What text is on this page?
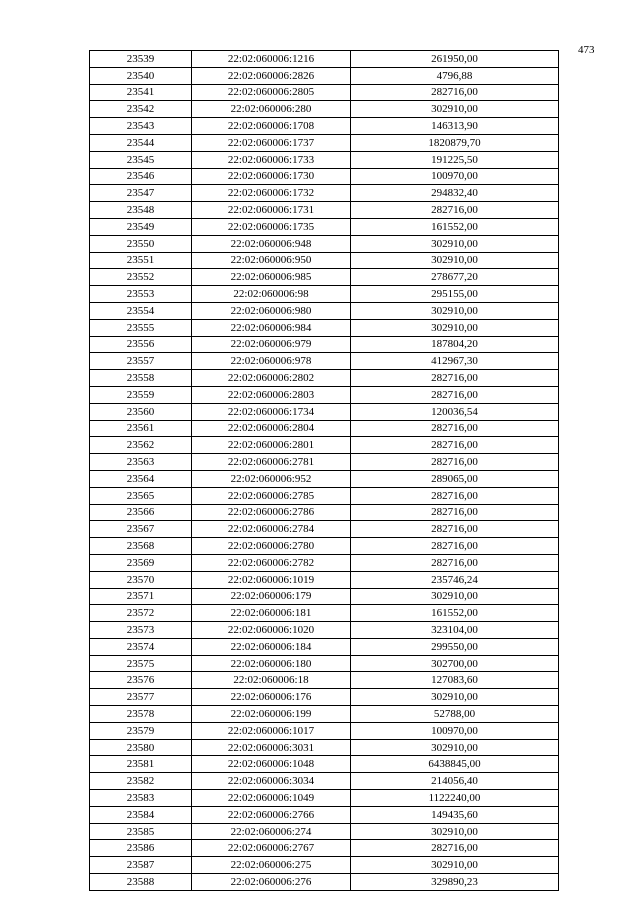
473
23539	22:02:060006:1216	261950,00
23540	22:02:060006:2826	4796,88
23541	22:02:060006:2805	282716,00
23542	22:02:060006:280	302910,00
23543	22:02:060006:1708	146313,90
23544	22:02:060006:1737	1820879,70
23545	22:02:060006:1733	191225,50
23546	22:02:060006:1730	100970,00
23547	22:02:060006:1732	294832,40
23548	22:02:060006:1731	282716,00
23549	22:02:060006:1735	161552,00
23550	22:02:060006:948	302910,00
23551	22:02:060006:950	302910,00
23552	22:02:060006:985	278677,20
23553	22:02:060006:98	295155,00
23554	22:02:060006:980	302910,00
23555	22:02:060006:984	302910,00
23556	22:02:060006:979	187804,20
23557	22:02:060006:978	412967,30
23558	22:02:060006:2802	282716,00
23559	22:02:060006:2803	282716,00
23560	22:02:060006:1734	120036,54
23561	22:02:060006:2804	282716,00
23562	22:02:060006:2801	282716,00
23563	22:02:060006:2781	282716,00
23564	22:02:060006:952	289065,00
23565	22:02:060006:2785	282716,00
23566	22:02:060006:2786	282716,00
23567	22:02:060006:2784	282716,00
23568	22:02:060006:2780	282716,00
23569	22:02:060006:2782	282716,00
23570	22:02:060006:1019	235746,24
23571	22:02:060006:179	302910,00
23572	22:02:060006:181	161552,00
23573	22:02:060006:1020	323104,00
23574	22:02:060006:184	299550,00
23575	22:02:060006:180	302700,00
23576	22:02:060006:18	127083,60
23577	22:02:060006:176	302910,00
23578	22:02:060006:199	52788,00
23579	22:02:060006:1017	100970,00
23580	22:02:060006:3031	302910,00
23581	22:02:060006:1048	6438845,00
23582	22:02:060006:3034	214056,40
23583	22:02:060006:1049	1122240,00
23584	22:02:060006:2766	149435,60
23585	22:02:060006:274	302910,00
23586	22:02:060006:2767	282716,00
23587	22:02:060006:275	302910,00
23588	22:02:060006:276	329890,23
